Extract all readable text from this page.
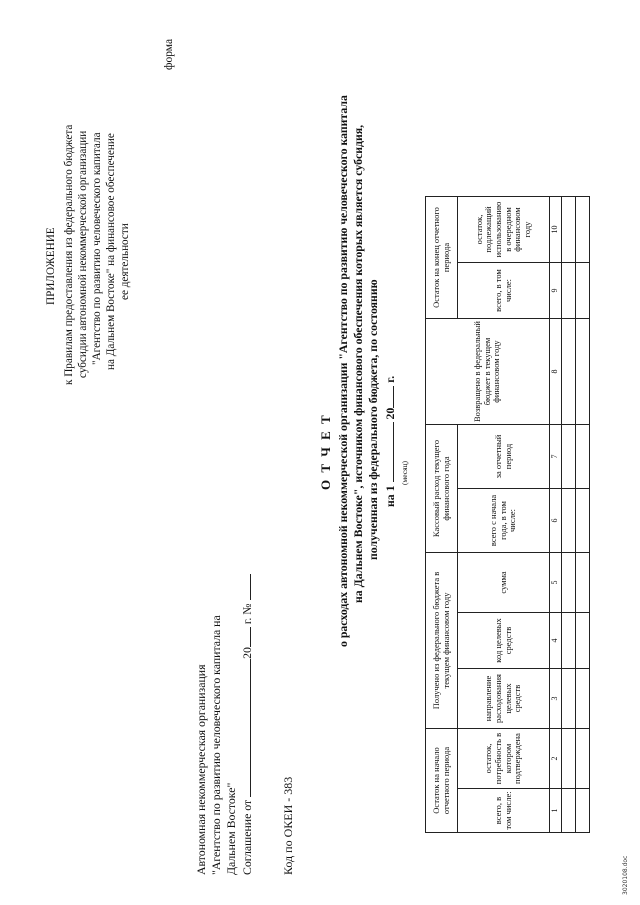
ПРИЛОЖЕНИЕ к Правилам предоставления из федерального бюджета субсидии автономной некоммерческой организации "Агентство по развитию человеческого капитала на Дальнем Востоке" на финансовое обеспечение ее деятельности
форма
Автономная некоммерческая организация "Агентство по развитию человеческого капитала на Дальнем Востоке" Соглашение от 20 г. №
Код по ОКЕИ - 383
О Т Ч Е Т о расходах автономной некоммерческой организации "Агентство по развитию человеческого капитала на Дальнем Востоке", источником финансового обеспечения которых является субсидия, полученная из федерального бюджета, по состоянию на 1  20 г.
(месяц)
Остаток на начало отчетного периода		Получено из федерального бюджета в текущем финансовом году			Кассовый расход текущего финансового года		Возвращено в федеральный бюджет в текущем финансовом году	Остаток на конец отчетного периода	
всего, в том числе:	остаток, потребность в котором подтверждена	направление расходования целевых средств	код целевых средств	сумма	всего с начала года, в том числе:	за отчетный период		всего, в том числе:	остаток, подлежащий использованию в очередном финансовом году
1	2	3	4	5	6	7	8	9	10

3020108.doc
